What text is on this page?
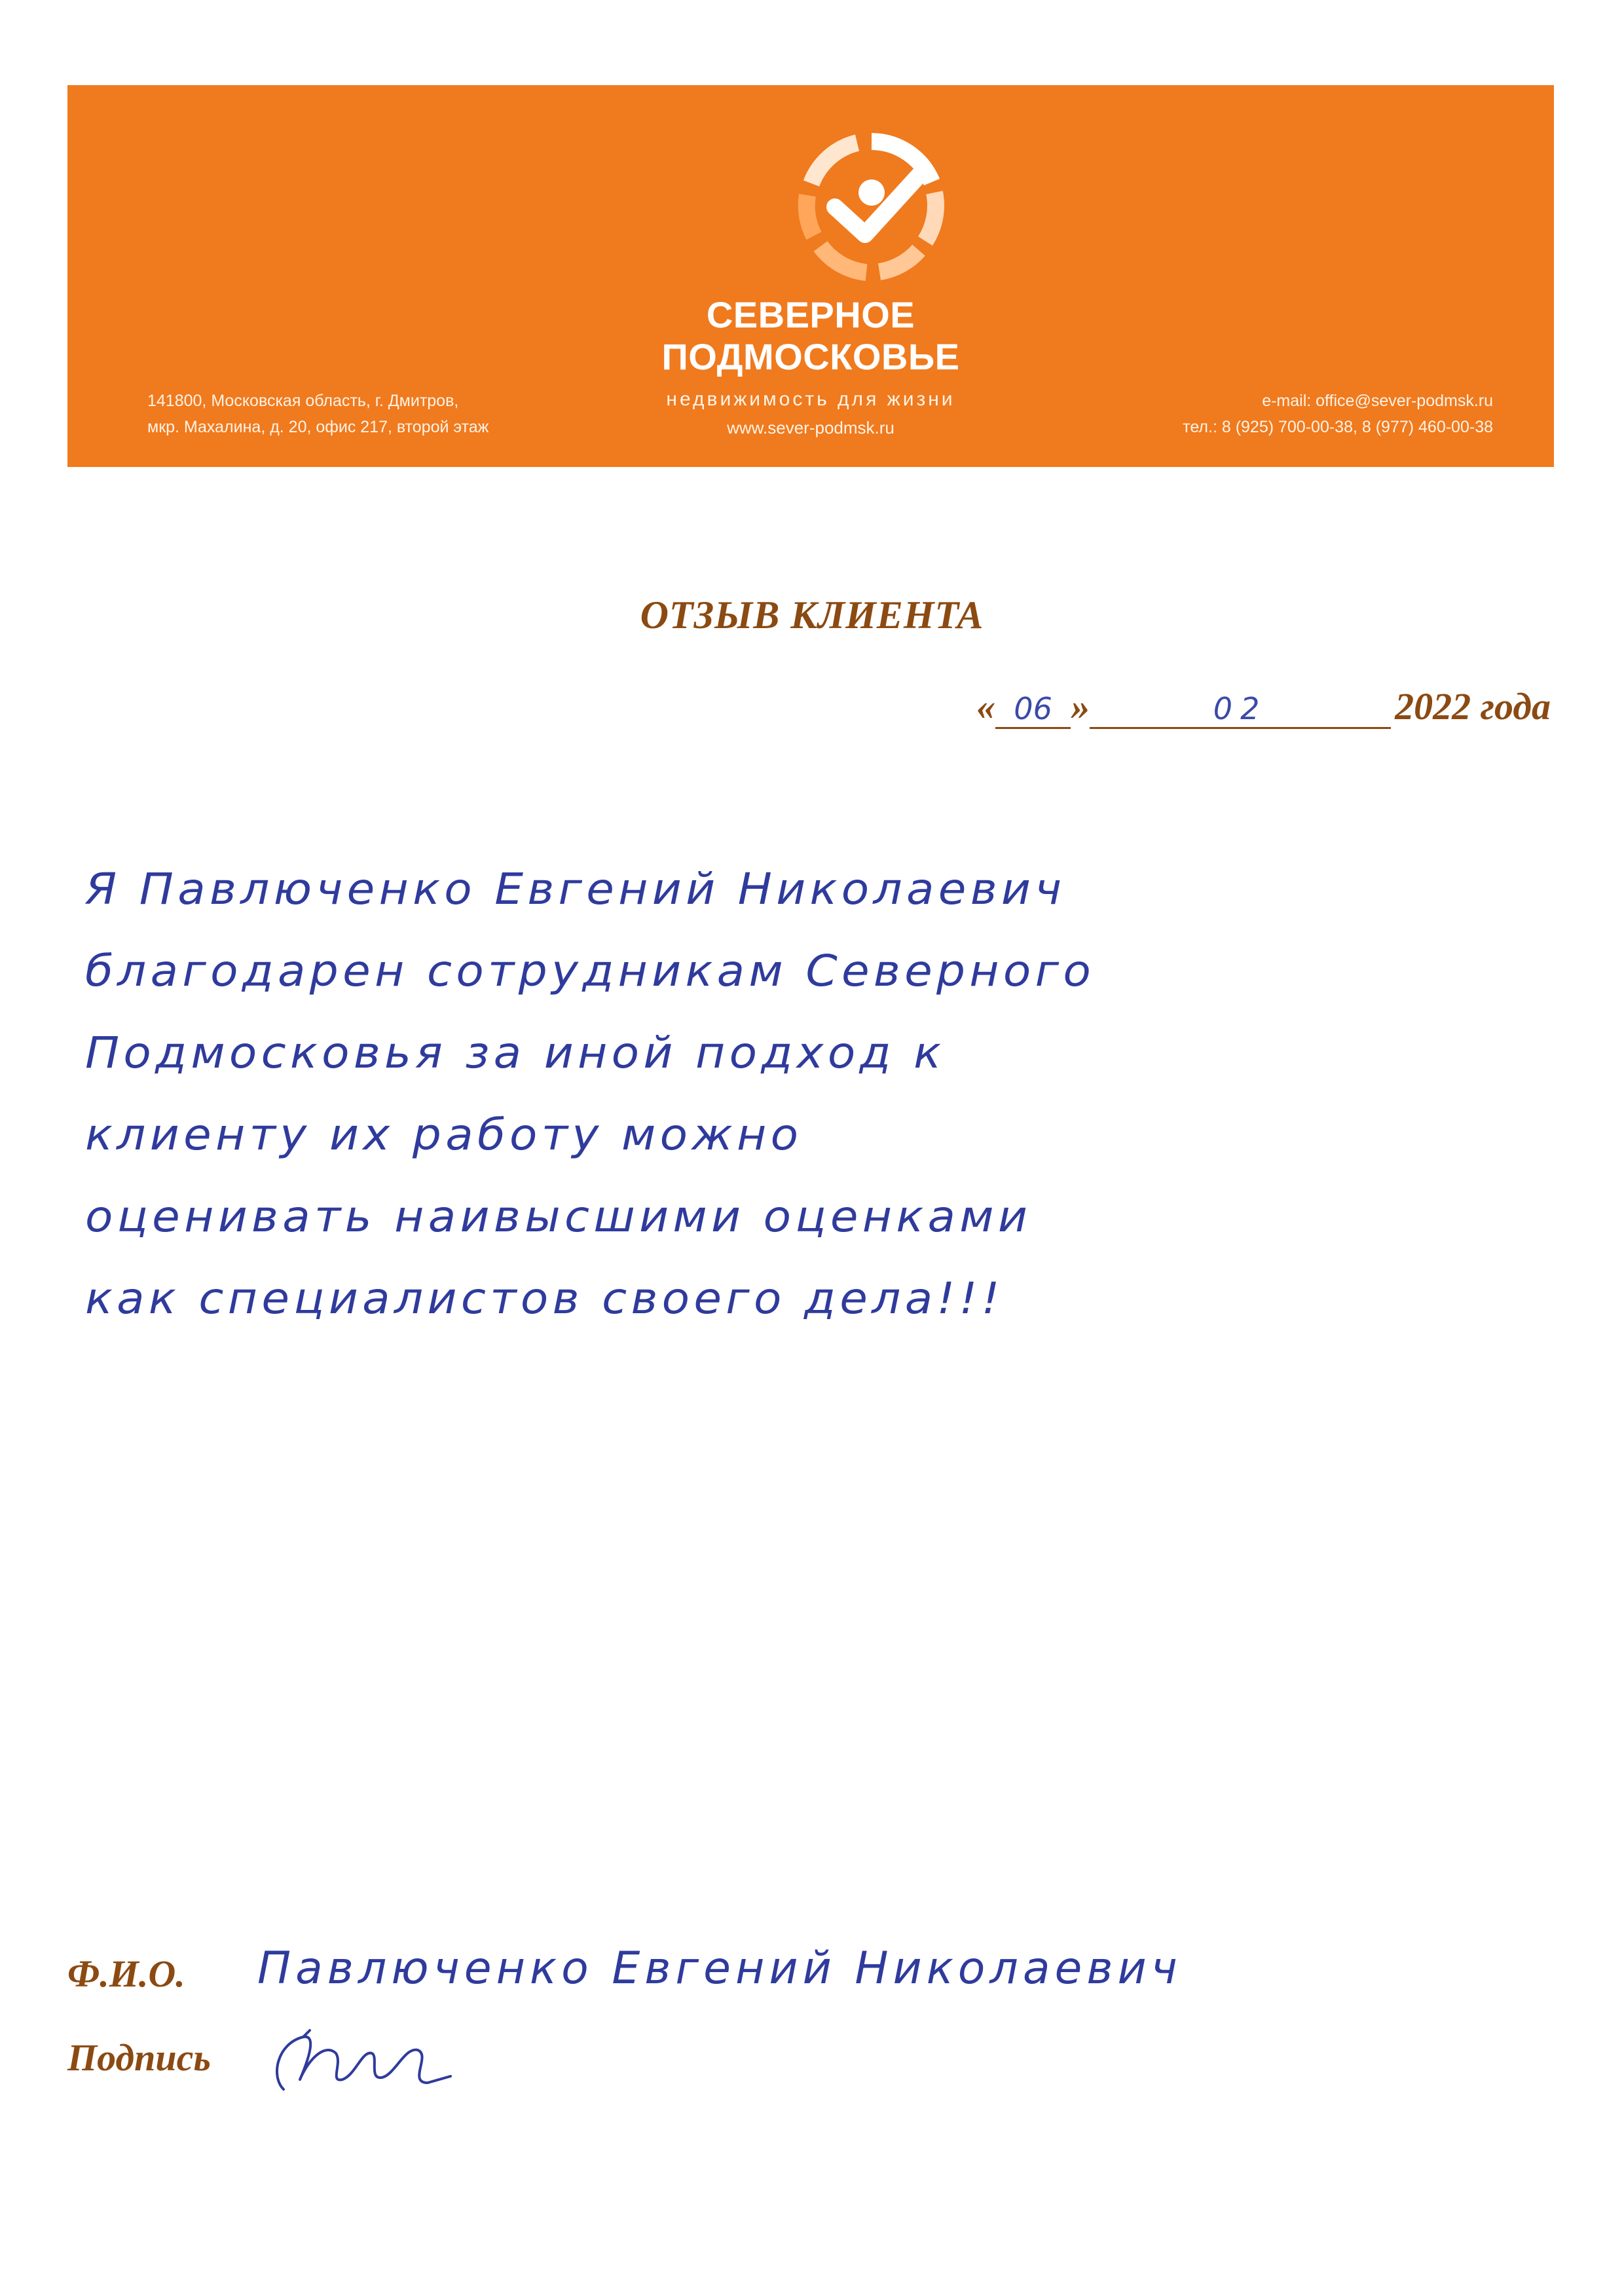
СЕВЕРНОЕ
ПОДМОСКОВЬЕ
недвижимость для жизни
www.sever-podmsk.ru
141800, Московская область, г. Дмитров,
мкр. Махалина, д. 20, офис 217, второй этаж
e-mail: office@sever-podmsk.ru
тел.: 8 (925) 700-00-38, 8 (977) 460-00-38
ОТЗЫВ КЛИЕНТА
« 06 »	02	2022 года
Я Павлюченко Евгений Николаевич
благодарен сотрудникам Северного
Подмосковья за иной подход к
клиенту их работу можно
оценивать наивысшими оценками
как специалистов своего дела!!!
Ф.И.О. Павлюченко Евгений Николаевич
Подпись
